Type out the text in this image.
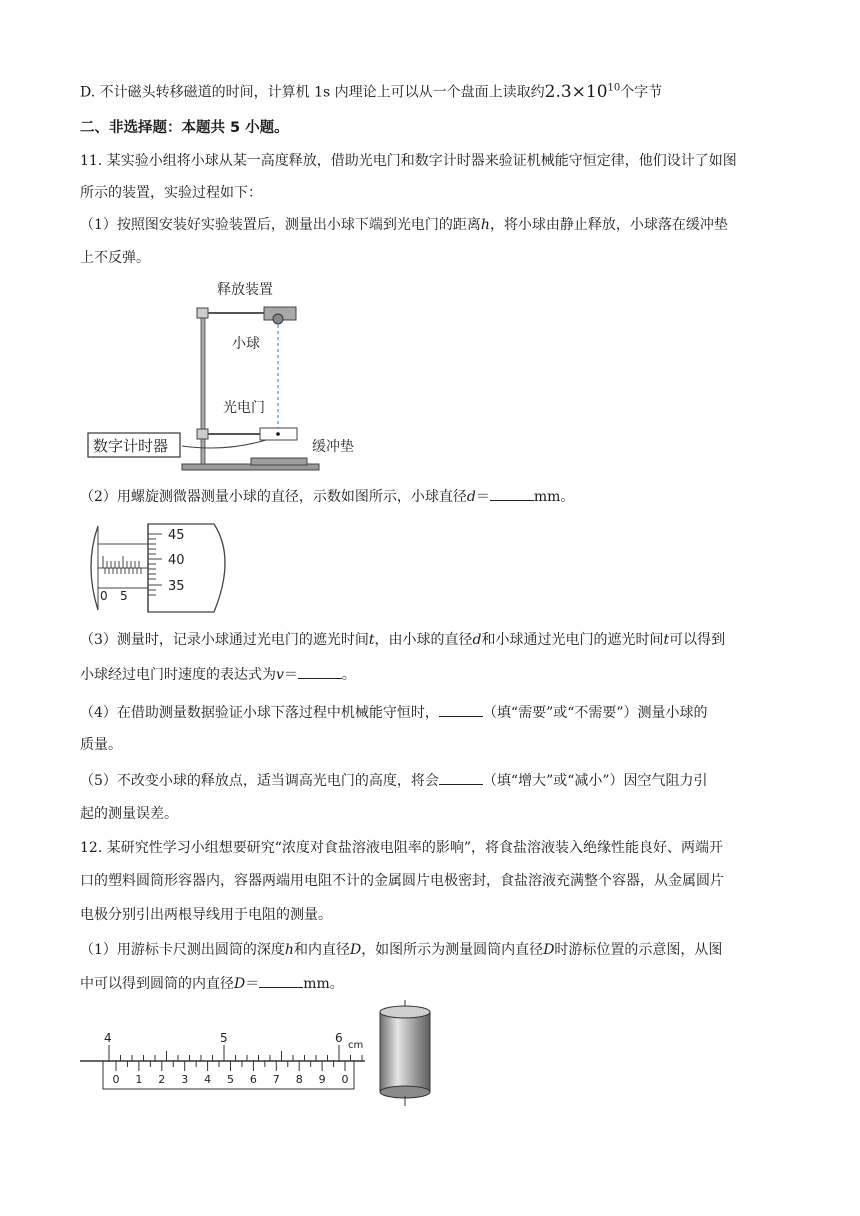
D. 不计磁头转移磁道的时间，计算机 1s 内理论上可以从一个盘面上读取约$2.3\times 10^{10}$个字节
二、非选择题：本题共 5 小题。
11. 某实验小组将小球从某一高度释放，借助光电门和数字计时器来验证机械能守恒定律，他们设计了如图
所示的装置，实验过程如下：
（1）按照图安装好实验装置后，测量出小球下端到光电门的距离h，将小球由静止释放，小球落在缓冲垫
上不反弹。
释放装置
小球
光电门
缓冲垫
数字计时器
（2）用螺旋测微器测量小球的直径，示数如图所示，小球直径d＝	mm。
0 5
45
40
35
（3）测量时，记录小球通过光电门的遮光时间t，由小球的直径d和小球通过光电门的遮光时间t可以得到
小球经过电门时速度的表达式为v＝	。
（4）在借助测量数据验证小球下落过程中机械能守恒时，	（填“需要”或“不需要”）测量小球的
质量。
（5）不改变小球的释放点，适当调高光电门的高度，将会	（填“增大”或“减小”）因空气阻力引
起的测量误差。
12. 某研究性学习小组想要研究“浓度对食盐溶液电阻率的影响”，将食盐溶液装入绝缘性能良好、两端开
口的塑料圆筒形容器内，容器两端用电阻不计的金属圆片电极密封，食盐溶液充满整个容器，从金属圆片
电极分别引出两根导线用于电阻的测量。
（1）用游标卡尺测出圆筒的深度h和内直径D，如图所示为测量圆筒内直径D时游标位置的示意图，从图
中可以得到圆筒的内直径D＝	mm。
4	5	6
cm
0 1 2 3 4 5 6 7 8 9 0
